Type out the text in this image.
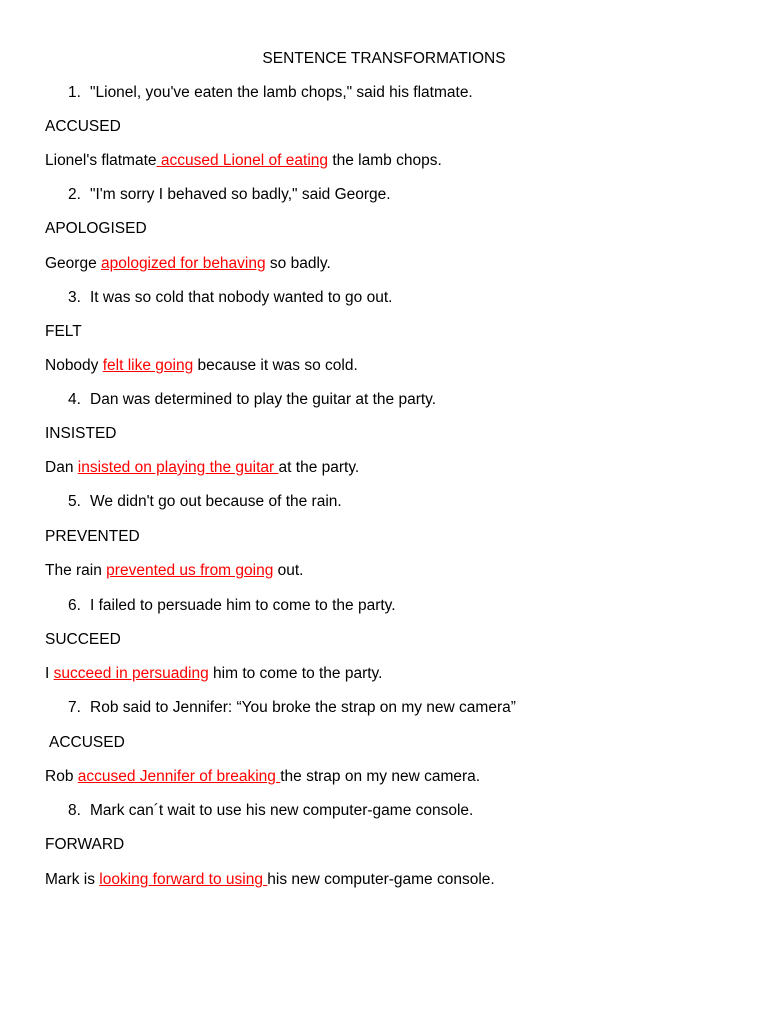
SENTENCE TRANSFORMATIONS
1. "Lionel, you've eaten the lamb chops," said his flatmate.
ACCUSED
Lionel's flatmate accused Lionel of eating the lamb chops.
2. "I'm sorry I behaved so badly," said George.
APOLOGISED
George apologized for behaving so badly.
3. It was so cold that nobody wanted to go out.
FELT
Nobody felt like going because it was so cold.
4. Dan was determined to play the guitar at the party.
INSISTED
Dan insisted on playing the guitar at the party.
5. We didn't go out because of the rain.
PREVENTED
The rain prevented us from going out.
6. I failed to persuade him to come to the party.
SUCCEED
I succeed in persuading him to come to the party.
7. Rob said to Jennifer: “You broke the strap on my new camera”
ACCUSED
Rob accused Jennifer of breaking the strap on my new camera.
8. Mark can´t wait to use his new computer-game console.
FORWARD
Mark is looking forward to using his new computer-game console.
